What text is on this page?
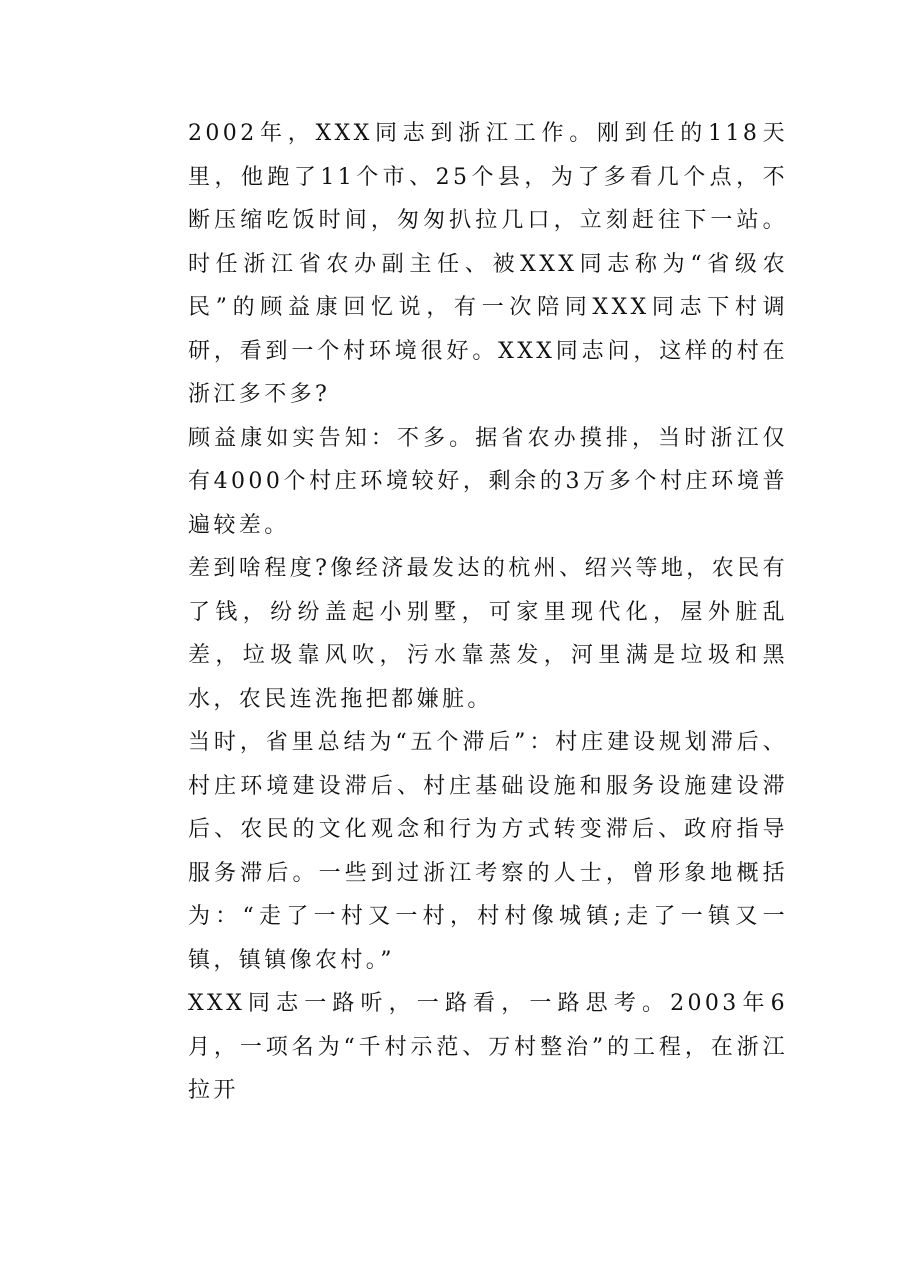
2002年，XXX同志到浙江工作。刚到任的118天里，他跑了11个市、25个县，为了多看几个点，不断压缩吃饭时间，匆匆扒拉几口，立刻赶往下一站。时任浙江省农办副主任、被XXX同志称为“省级农民”的顾益康回忆说，有一次陪同XXX同志下村调研，看到一个村环境很好。XXX同志问，这样的村在浙江多不多?

顾益康如实告知：不多。据省农办摸排，当时浙江仅有4000个村庄环境较好，剩余的3万多个村庄环境普遍较差。

差到啥程度?像经济最发达的杭州、绍兴等地，农民有了钱，纷纷盖起小别墅，可家里现代化，屋外脏乱差，垃圾靠风吹，污水靠蒸发，河里满是垃圾和黑水，农民连洗拖把都嫌脏。

当时，省里总结为“五个滞后”：村庄建设规划滞后、村庄环境建设滞后、村庄基础设施和服务设施建设滞后、农民的文化观念和行为方式转变滞后、政府指导服务滞后。一些到过浙江考察的人士，曾形象地概括为：“走了一村又一村，村村像城镇;走了一镇又一镇，镇镇像农村。”

XXX同志一路听，一路看，一路思考。2003年6月，一项名为“千村示范、万村整治”的工程，在浙江拉开
